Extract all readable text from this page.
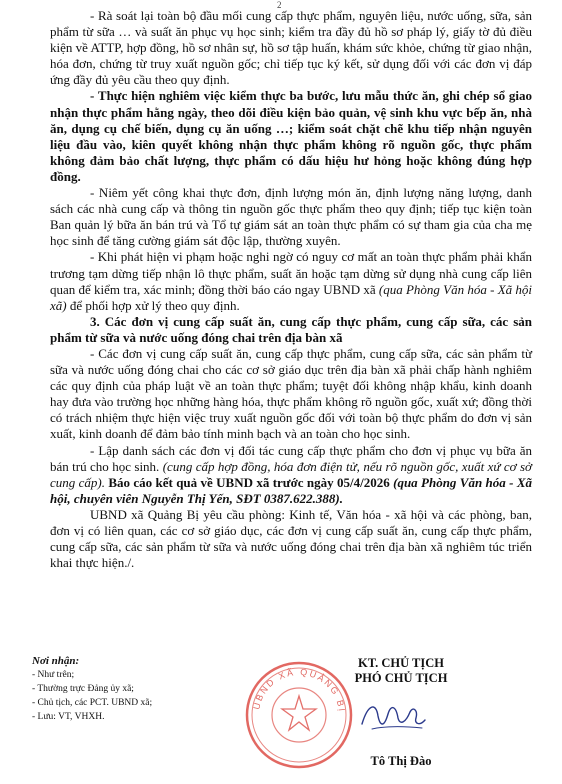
2

- Rà soát lại toàn bộ đầu mối cung cấp thực phẩm, nguyên liệu, nước uống, sữa, sản phẩm từ sữa … và suất ăn phục vụ học sinh; kiểm tra đầy đủ hồ sơ pháp lý, giấy tờ đủ điều kiện về ATTP, hợp đồng, hồ sơ nhân sự, hồ sơ tập huấn, khám sức khỏe, chứng từ giao nhận, hóa đơn, chứng từ truy xuất nguồn gốc; chỉ tiếp tục ký kết, sử dụng đối với các đơn vị đáp ứng đầy đủ yêu cầu theo quy định.

- Thực hiện nghiêm việc kiểm thực ba bước, lưu mẫu thức ăn, ghi chép sổ giao nhận thực phẩm hằng ngày, theo dõi điều kiện bảo quản, vệ sinh khu vực bếp ăn, nhà ăn, dụng cụ chế biến, dụng cụ ăn uống …; kiểm soát chặt chẽ khu tiếp nhận nguyên liệu đầu vào, kiên quyết không nhận thực phẩm không rõ nguồn gốc, thực phẩm không đảm bảo chất lượng, thực phẩm có dấu hiệu hư hỏng hoặc không đúng hợp đồng.

- Niêm yết công khai thực đơn, định lượng món ăn, định lượng năng lượng, danh sách các nhà cung cấp và thông tin nguồn gốc thực phẩm theo quy định; tiếp tục kiện toàn Ban quản lý bữa ăn bán trú và Tổ tự giám sát an toàn thực phẩm có sự tham gia của cha mẹ học sinh để tăng cường giám sát độc lập, thường xuyên.

- Khi phát hiện vi phạm hoặc nghi ngờ có nguy cơ mất an toàn thực phẩm phải khẩn trương tạm dừng tiếp nhận lô thực phẩm, suất ăn hoặc tạm dừng sử dụng nhà cung cấp liên quan để kiểm tra, xác minh; đồng thời báo cáo ngay UBND xã (qua Phòng Văn hóa - Xã hội xã) để phối hợp xử lý theo quy định.

3. Các đơn vị cung cấp suất ăn, cung cấp thực phẩm, cung cấp sữa, các sản phẩm từ sữa và nước uống đóng chai trên địa bàn xã

- Các đơn vị cung cấp suất ăn, cung cấp thực phẩm, cung cấp sữa, các sản phẩm từ sữa và nước uống đóng chai cho các cơ sở giáo dục trên địa bàn xã phải chấp hành nghiêm các quy định của pháp luật về an toàn thực phẩm; tuyệt đối không nhập khẩu, kinh doanh hay đưa vào trường học những hàng hóa, thực phẩm không rõ nguồn gốc, xuất xứ; đồng thời có trách nhiệm thực hiện việc truy xuất nguồn gốc đối với toàn bộ thực phẩm do đơn vị sản xuất, kinh doanh để đảm bảo tính minh bạch và an toàn cho học sinh.

- Lập danh sách các đơn vị đối tác cung cấp thực phẩm cho đơn vị phục vụ bữa ăn bán trú cho học sinh. (cung cấp hợp đồng, hóa đơn điện tử, nếu rõ nguồn gốc, xuất xứ cơ sở cung cấp). Báo cáo kết quả về UBND xã trước ngày 05/4/2026 (qua Phòng Văn hóa - Xã hội, chuyên viên Nguyễn Thị Yến, SĐT 0387.622.388).

UBND xã Quảng Bị yêu cầu phòng: Kinh tế, Văn hóa - xã hội và các phòng, ban, đơn vị có liên quan, các cơ sở giáo dục, các đơn vị cung cấp suất ăn, cung cấp thực phẩm, cung cấp sữa, các sản phẩm từ sữa và nước uống đóng chai trên địa bàn xã nghiêm túc triển khai thực hiện./.

Nơi nhận:
- Như trên;
- Thường trực Đảng ủy xã;
- Chủ tịch, các PCT. UBND xã;
- Lưu: VT, VHXH.
UBND XÃ QUẢNG BỊ
KT. CHỦ TỊCH
PHÓ CHỦ TỊCH
Tô Thị Đào
